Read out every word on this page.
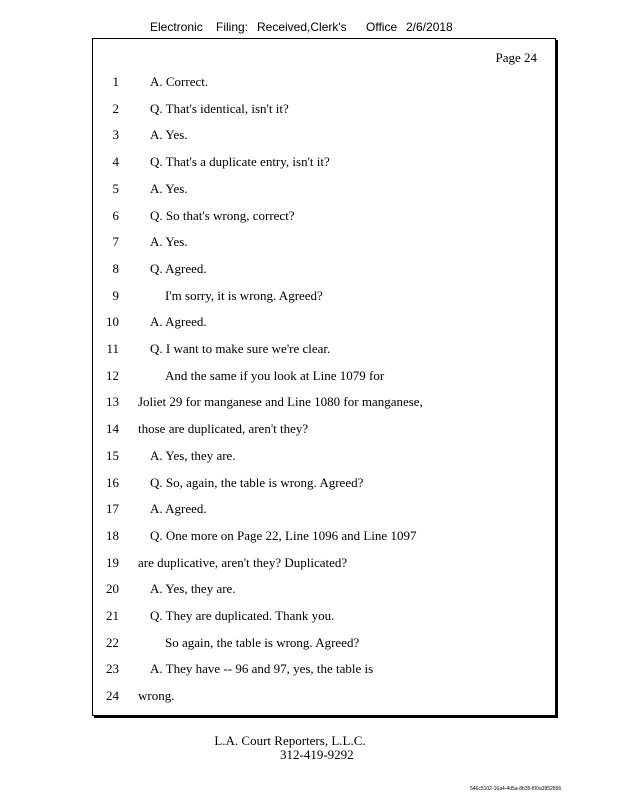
Electronic Filing: Received,Clerk's Office 2/6/2018
Page 24
1 A. Correct.
2 Q. That's identical, isn't it?
3 A. Yes.
4 Q. That's a duplicate entry, isn't it?
5 A. Yes.
6 Q. So that's wrong, correct?
7 A. Yes.
8 Q. Agreed.
9	I'm sorry, it is wrong. Agreed?
10 A. Agreed.
11 Q. I want to make sure we're clear.
12	And the same if you look at Line 1079 for
13 Joliet 29 for manganese and Line 1080 for manganese,
14 those are duplicated, aren't they?
15 A. Yes, they are.
16 Q. So, again, the table is wrong. Agreed?
17 A. Agreed.
18 Q. One more on Page 22, Line 1096 and Line 1097
19 are duplicative, aren't they? Duplicated?
20 A. Yes, they are.
21 Q. They are duplicated. Thank you.
22	So again, the table is wrong. Agreed?
23 A. They have -- 96 and 97, yes, the table is
24 wrong.
L.A. Court Reporters, L.L.C.
312-419-9292
546c5102-16a4-4d5a-8b35-f00a3952896
